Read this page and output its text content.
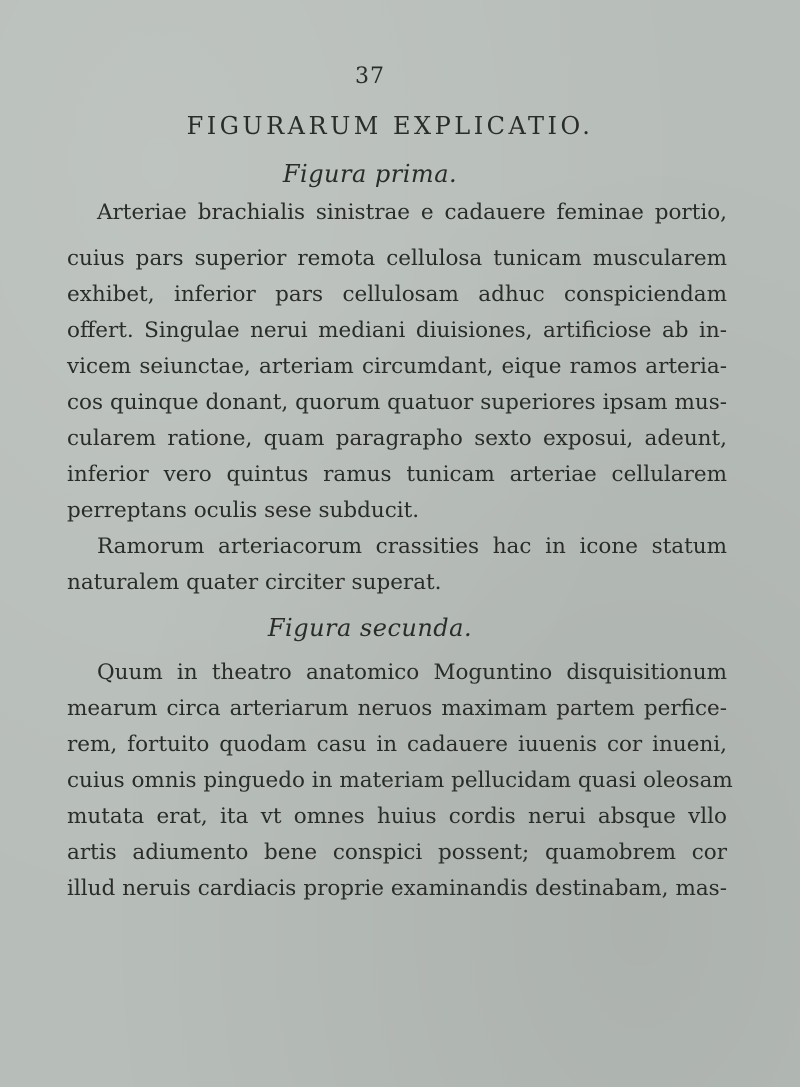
37
FIGURARUM EXPLICATIO.
Figura prima.
Arteriae brachialis sinistrae e cadauere feminae portio,
cuius pars superior remota cellulosa tunicam muscularem
exhibet, inferior pars cellulosam adhuc conspiciendam
offert. Singulae nerui mediani diuisiones, artificiose ab in-
vicem seiunctae, arteriam circumdant, eique ramos arteria-
cos quinque donant, quorum quatuor superiores ipsam mus-
cularem ratione, quam paragrapho sexto exposui, adeunt,
inferior vero quintus ramus tunicam arteriae cellularem
perreptans oculis sese subducit.
Ramorum arteriacorum crassities hac in icone statum
naturalem quater circiter superat.
Figura secunda.
Quum in theatro anatomico Moguntino disquisitionum
mearum circa arteriarum neruos maximam partem perfice-
rem, fortuito quodam casu in cadauere iuuenis cor inueni,
cuius omnis pinguedo in materiam pellucidam quasi oleosam
mutata erat, ita vt omnes huius cordis nerui absque vllo
artis adiumento bene conspici possent; quamobrem cor
illud neruis cardiacis proprie examinandis destinabam, mas-
